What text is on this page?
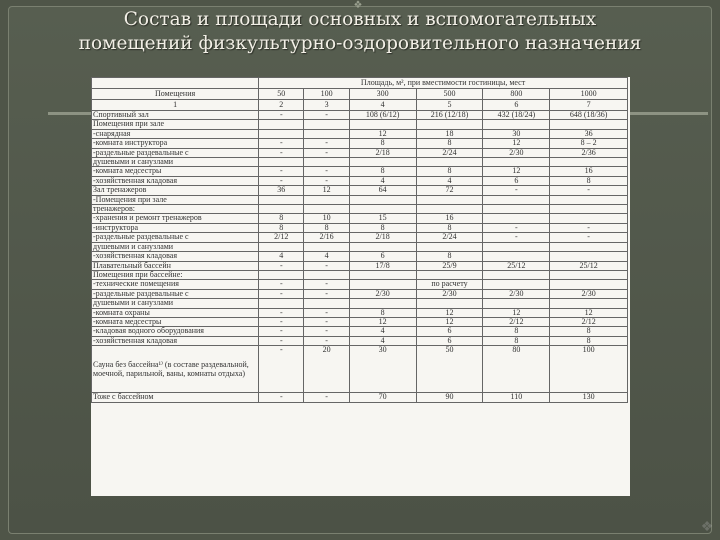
❖
Состав и площади основных и вспомогательных
помещений физкультурно-оздоровительного назначения
	Площадь, м², при вместимости гостиницы, мест					
Помещения	50	100	300	500	800	1000
1	2	3	4	5	6	7
Спортивный зал	-	-	108 (6/12)	216 (12/18)	432 (18/24)	648 (18/36)
Помещения при зале						
-снарядная			12	18	30	36
-комната инструктора	-	-	8	8	12	8 – 2
-раздельные раздевальные с	-	-	2/18	2/24	2/30	2/36
душевыми и санузлами						
-комната медсестры	-	-	8	8	12	16
-хозяйственная кладовая	-	-	4	4	6	8
Зал тренажеров	36	12	64	72	-	-
-Помещения при зале						
тренажеров:						
-хранения и ремонт тренажеров	8	10	15	16		
-инструктора	8	8	8	8	-	-
-раздельные раздевальные с	2/12	2/16	2/18	2/24	-	-
душевыми и санузлами						
-хозяйственная кладовая	4	4	6	8		
Плавательный бассейн	-	-	17/8	25/9	25/12	25/12
Помещения при бассейне:						
-технические помещения	-	-		по расчету		
-раздельные раздевальные с	-	-	2/30	2/30	2/30	2/30
душевыми и санузлами						
-комната охраны	-	-	8	12	12	12
-комната медсестры	-	-	12	12	2/12	2/12
-кладовая водного оборудования	-	-	4	6	8	8
-хозяйственная кладовая	-	-	4	6	8	8
Сауна без бассейна¹⁾ (в составе раздевальной, моечной, парильной, ваны, комнаты отдыха)	-	20	30	50	80	100
Тоже с бассейном	-	-	70	90	110	130
❖
